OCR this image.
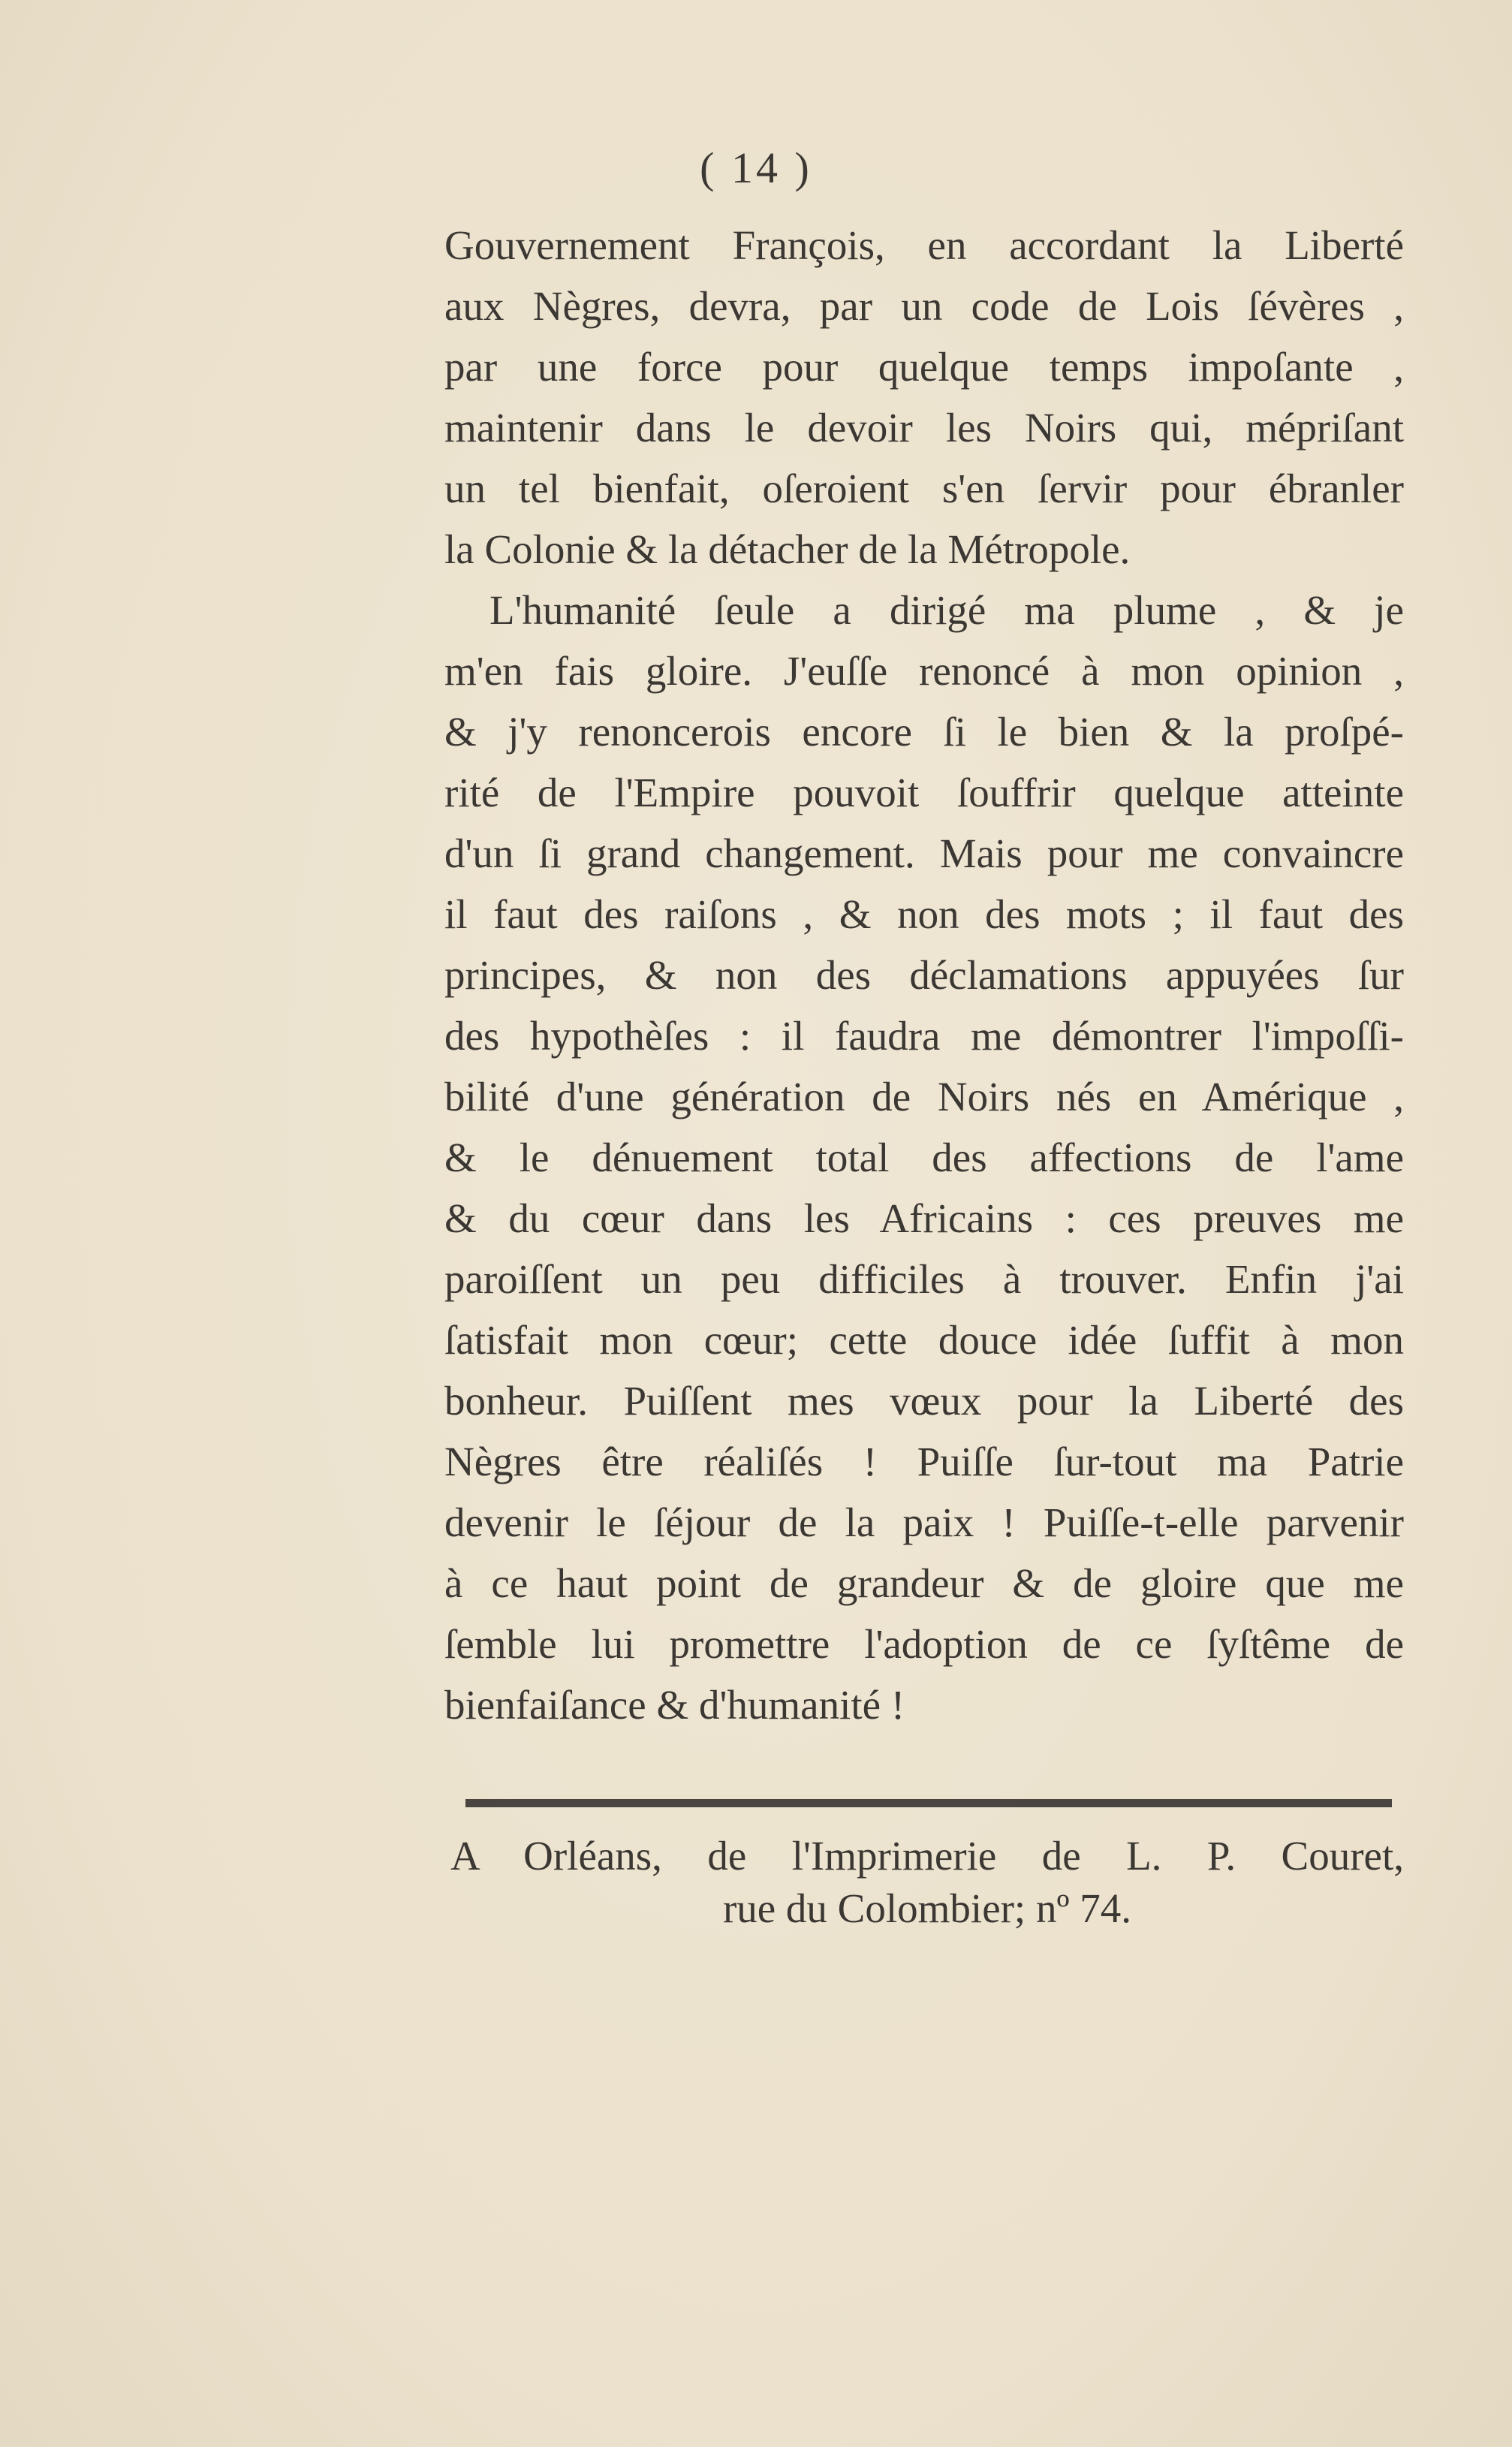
( 14 )
Gouvernement François, en accordant la Liberté
aux Nègres, devra, par un code de Lois ſévères ,
par une force pour quelque temps impoſante ,
maintenir dans le devoir les Noirs qui, mépriſant
un tel bienfait, oſeroient s'en ſervir pour ébranler
la Colonie & la détacher de la Métropole.
L'humanité ſeule a dirigé ma plume , & je
m'en fais gloire. J'euſſe renoncé à mon opinion ,
& j'y renoncerois encore ſi le bien & la proſpé-
rité de l'Empire pouvoit ſouffrir quelque atteinte
d'un ſi grand changement. Mais pour me convaincre
il faut des raiſons , & non des mots ; il faut des
principes, & non des déclamations appuyées ſur
des hypothèſes : il faudra me démontrer l'impoſſi-
bilité d'une génération de Noirs nés en Amérique ,
& le dénuement total des affections de l'ame
& du cœur dans les Africains : ces preuves me
paroiſſent un peu difficiles à trouver. Enfin j'ai
ſatisfait mon cœur; cette douce idée ſuffit à mon
bonheur. Puiſſent mes vœux pour la Liberté des
Nègres être réaliſés ! Puiſſe ſur-tout ma Patrie
devenir le ſéjour de la paix ! Puiſſe-t-elle parvenir
à ce haut point de grandeur & de gloire que me
ſemble lui promettre l'adoption de ce ſyſtême de
bienfaiſance & d'humanité !
A Orléans, de l'Imprimerie de L. P. Couret,
rue du Colombier; nº 74.
